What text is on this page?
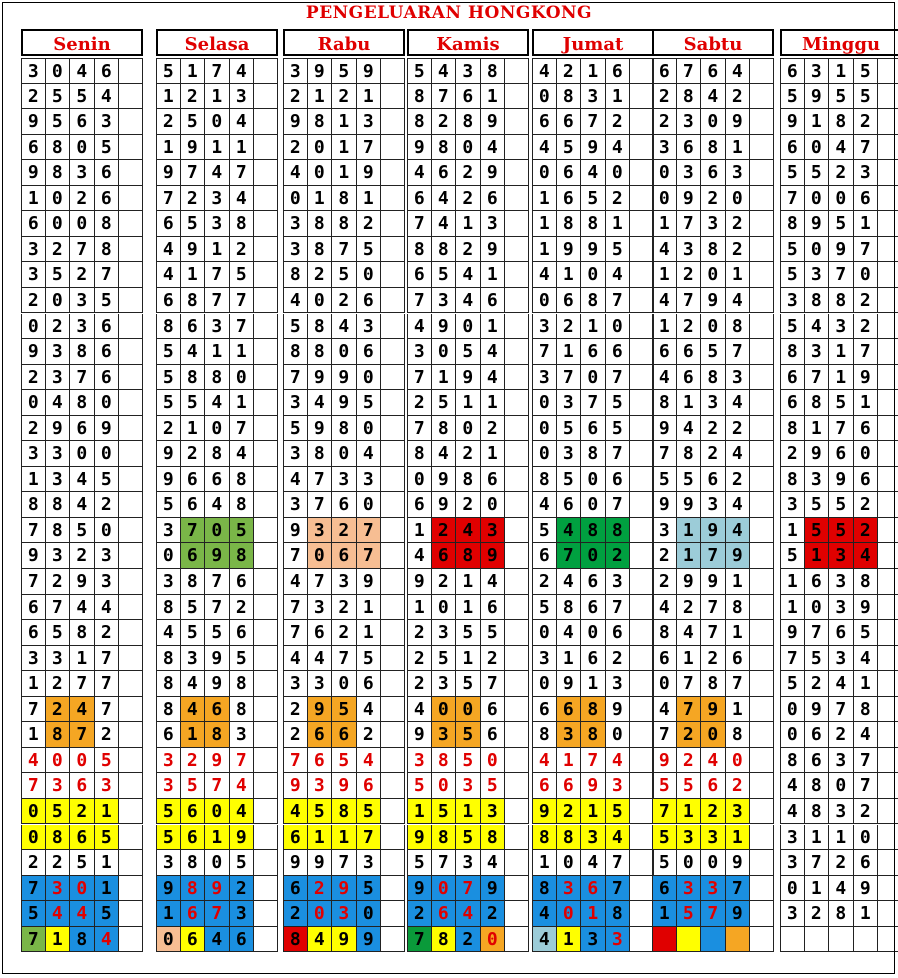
PENGELUARAN HONGKONG
Senin
3 0 4 6
2 5 5 4
9 5 6 3
6 8 0 5
9 8 3 6
1 0 2 6
6 0 0 8
3 2 7 8
3 5 2 7
2 0 3 5
0 2 3 6
9 3 8 6
2 3 7 6
0 4 8 0
2 9 6 9
3 3 0 0
1 3 4 5
8 8 4 2
7 8 5 0
9 3 2 3
7 2 9 3
6 7 4 4
6 5 8 2
3 3 1 7
1 2 7 7
7 2 4 7
1 8 7 2
4 0 0 5
7 3 6 3
0 5 2 1
0 8 6 5
2 2 5 1
7 3 0 1
5 4 4 5
7 1 8 4
Selasa
5 1 7 4
1 2 1 3
2 5 0 4
1 9 1 1
9 7 4 7
7 2 3 4
6 5 3 8
4 9 1 2
4 1 7 5
6 8 7 7
8 6 3 7
5 4 1 1
5 8 8 0
5 5 4 1
2 1 0 7
9 2 8 4
9 6 6 8
5 6 4 8
3 7 0 5
0 6 9 8
3 8 7 6
8 5 7 2
4 5 5 6
8 3 9 5
8 4 9 8
8 4 6 8
6 1 8 3
3 2 9 7
3 5 7 4
5 6 0 4
5 6 1 9
3 8 0 5
9 8 9 2
1 6 7 3
0 6 4 6
Rabu
3 9 5 9
2 1 2 1
9 8 1 3
2 0 1 7
4 0 1 9
0 1 8 1
3 8 8 2
3 8 7 5
8 2 5 0
4 0 2 6
5 8 4 3
8 8 0 6
7 9 9 0
3 4 9 5
5 9 8 0
3 8 0 4
4 7 3 3
3 7 6 0
9 3 2 7
7 0 6 7
4 7 3 9
7 3 2 1
7 6 2 1
4 4 7 5
3 3 0 6
2 9 5 4
2 6 6 2
7 6 5 4
9 3 9 6
4 5 8 5
6 1 1 7
9 9 7 3
6 2 9 5
2 0 3 0
8 4 9 9
Kamis
5 4 3 8
8 7 6 1
8 2 8 9
9 8 0 4
4 6 2 9
6 4 2 6
7 4 1 3
8 8 2 9
6 5 4 1
7 3 4 6
4 9 0 1
3 0 5 4
7 1 9 4
2 5 1 1
7 8 0 2
8 4 2 1
0 9 8 6
6 9 2 0
1 2 4 3
4 6 8 9
9 2 1 4
1 0 1 6
2 3 5 5
2 5 1 2
2 3 5 7
4 0 0 6
9 3 5 6
3 8 5 0
5 0 3 5
1 5 1 3
9 8 5 8
5 7 3 4
9 0 7 9
2 6 4 2
7 8 2 0
Jumat
4 2 1 6
0 8 3 1
6 6 7 2
4 5 9 4
0 6 4 0
1 6 5 2
1 8 8 1
1 9 9 5
4 1 0 4
0 6 8 7
3 2 1 0
7 1 6 6
3 7 0 7
0 3 7 5
0 5 6 5
0 3 8 7
8 5 0 6
4 6 0 7
5 4 8 8
6 7 0 2
2 4 6 3
5 8 6 7
0 4 0 6
3 1 6 2
0 9 1 3
6 6 8 9
8 3 8 0
4 1 7 4
6 6 9 3
9 2 1 5
8 8 3 4
1 0 4 7
8 3 6 7
4 0 1 8
4 1 3 3
Sabtu
6 7 6 4
2 8 4 2
2 3 0 9
3 6 8 1
0 3 6 3
0 9 2 0
1 7 3 2
4 3 8 2
1 2 0 1
4 7 9 4
1 2 0 8
6 6 5 7
4 6 8 3
8 1 3 4
9 4 2 2
7 8 2 4
5 5 6 2
9 9 3 4
3 1 9 4
2 1 7 9
2 9 9 1
4 2 7 8
8 4 7 1
6 1 2 6
0 7 8 7
4 7 9 1
7 2 0 8
9 2 4 0
5 5 6 2
7 1 2 3
5 3 3 1
5 0 0 9
6 3 3 7
1 5 7 9
Minggu
6 3 1 5
5 9 5 5
9 1 8 2
6 0 4 7
5 5 2 3
7 0 0 6
8 9 5 1
5 0 9 7
5 3 7 0
3 8 8 2
5 4 3 2
8 3 1 7
6 7 1 9
6 8 5 1
8 1 7 6
2 9 6 0
8 3 9 6
3 5 5 2
1 5 5 2
5 1 3 4
1 6 3 8
1 0 3 9
9 7 6 5
7 5 3 4
5 2 4 1
0 9 7 8
0 6 2 4
8 6 3 7
4 8 0 7
4 8 3 2
3 1 1 0
3 7 2 6
0 1 4 9
3 2 8 1
